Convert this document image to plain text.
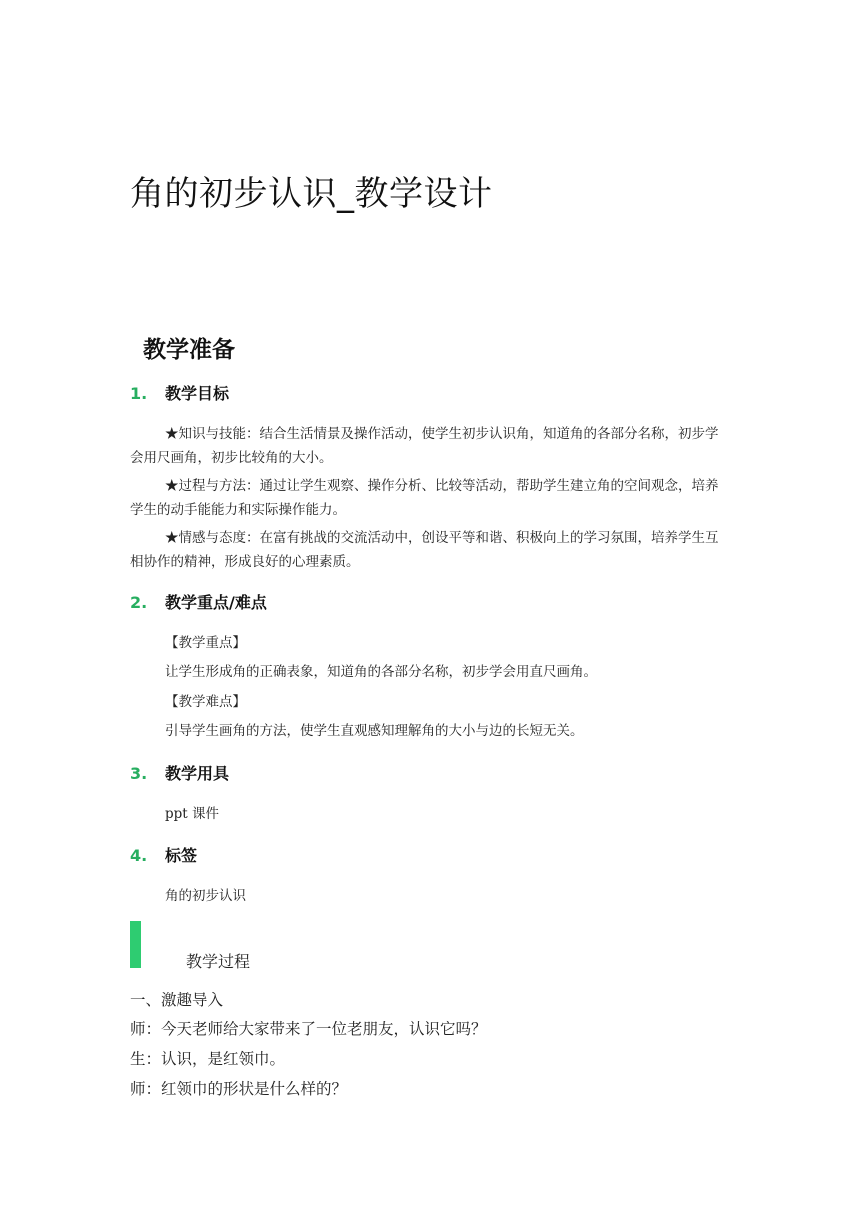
角的初步认识_教学设计
教学准备
1. 教学目标

★知识与技能：结合生活情景及操作活动，使学生初步认识角，知道角的各部分名称，初步学会用尺画角，初步比较角的大小。

★过程与方法：通过让学生观察、操作分析、比较等活动，帮助学生建立角的空间观念，培养学生的动手能能力和实际操作能力。

★情感与态度：在富有挑战的交流活动中，创设平等和谐、积极向上的学习氛围，培养学生互相协作的精神，形成良好的心理素质。

2. 教学重点/难点

【教学重点】

让学生形成角的正确表象，知道角的各部分名称，初步学会用直尺画角。

【教学难点】

引导学生画角的方法，使学生直观感知理解角的大小与边的长短无关。

3. 教学用具

ppt 课件

4. 标签

角的初步认识

教学过程

一、激趣导入

师：今天老师给大家带来了一位老朋友，认识它吗？

生：认识，是红领巾。

师：红领巾的形状是什么样的？
